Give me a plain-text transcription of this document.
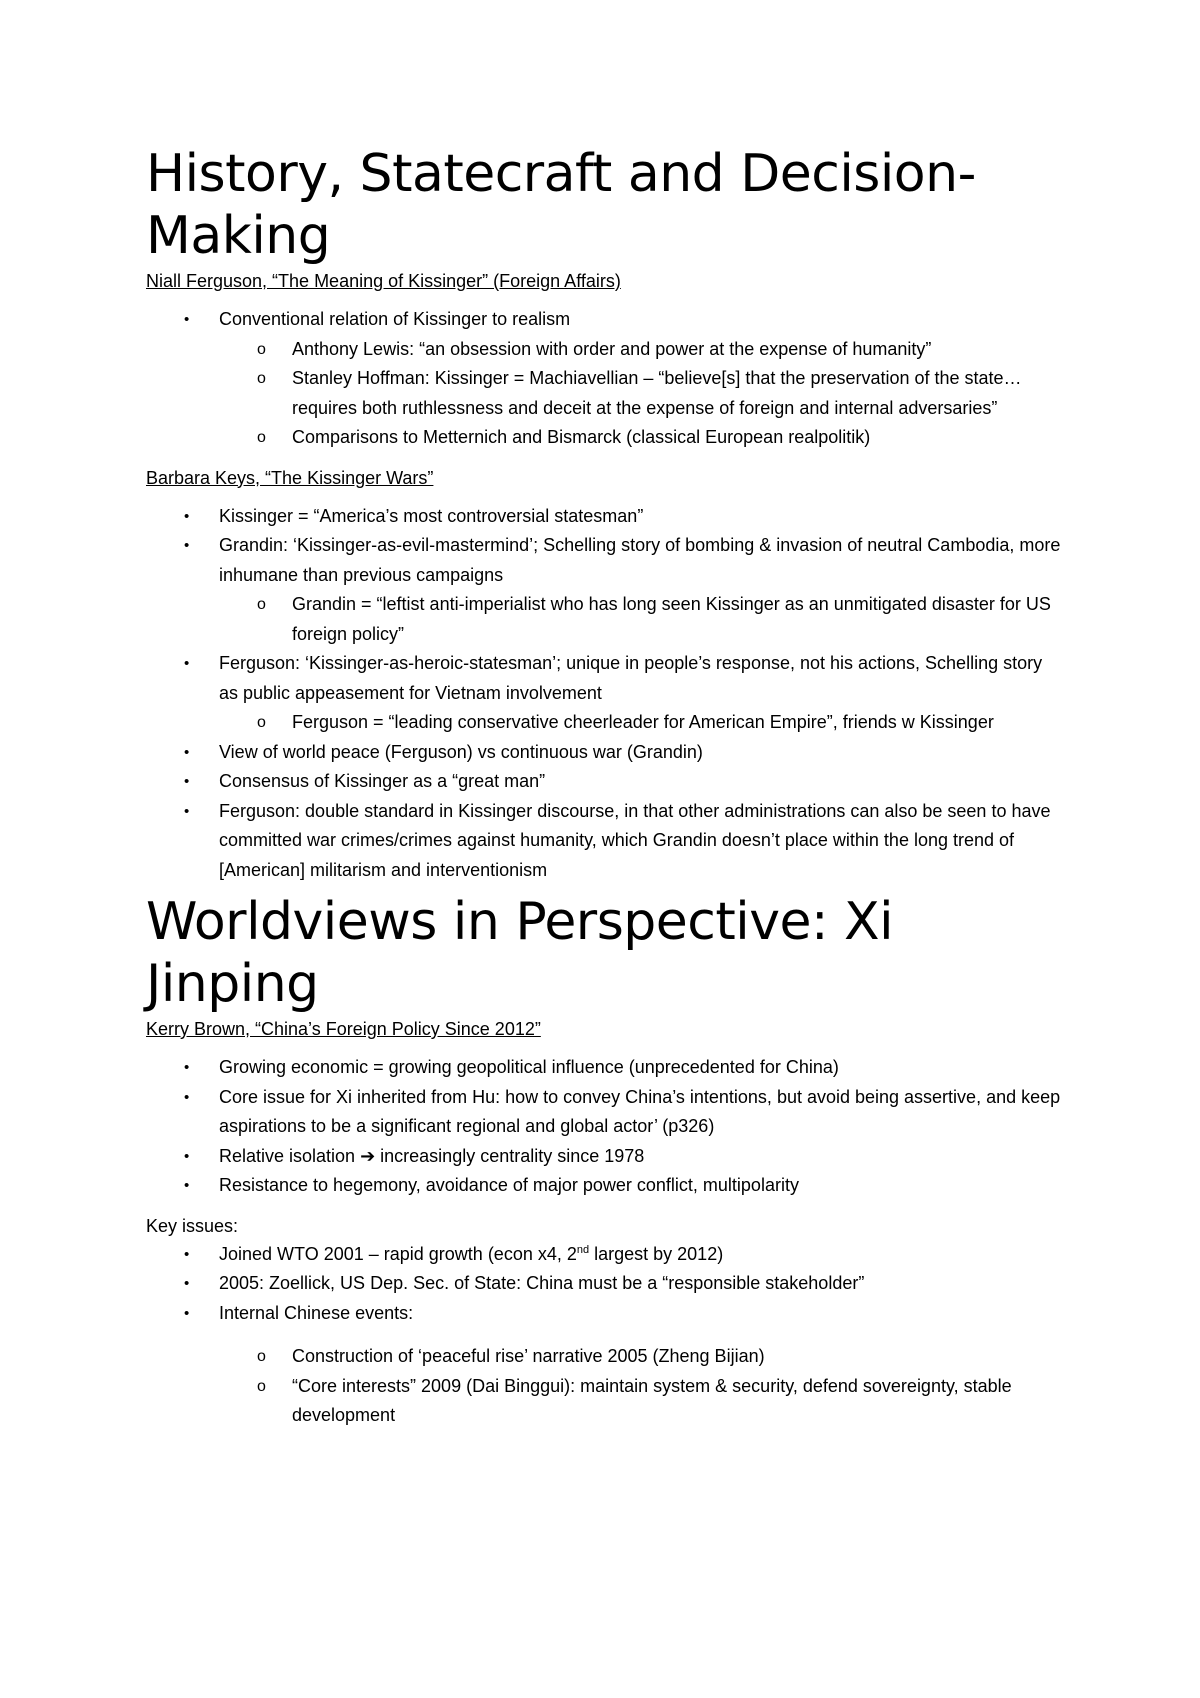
History, Statecraft and Decision-Making

Niall Ferguson, “The Meaning of Kissinger” (Foreign Affairs)

• Conventional relation of Kissinger to realism
o Anthony Lewis: “an obsession with order and power at the expense of humanity”
o Stanley Hoffman: Kissinger = Machiavellian – “believe[s] that the preservation of the state…requires both ruthlessness and deceit at the expense of foreign and internal adversaries”
o Comparisons to Metternich and Bismarck (classical European realpolitik)

Barbara Keys, “The Kissinger Wars”

• Kissinger = “America’s most controversial statesman”
• Grandin: ‘Kissinger-as-evil-mastermind’; Schelling story of bombing & invasion of neutral Cambodia, more inhumane than previous campaigns
o Grandin = “leftist anti-imperialist who has long seen Kissinger as an unmitigated disaster for US foreign policy”
• Ferguson: ‘Kissinger-as-heroic-statesman’; unique in people’s response, not his actions, Schelling story as public appeasement for Vietnam involvement
o Ferguson = “leading conservative cheerleader for American Empire”, friends w Kissinger
• View of world peace (Ferguson) vs continuous war (Grandin)
• Consensus of Kissinger as a “great man”
• Ferguson: double standard in Kissinger discourse, in that other administrations can also be seen to have committed war crimes/crimes against humanity, which Grandin doesn’t place within the long trend of [American] militarism and interventionism
Worldviews in Perspective: Xi Jinping

Kerry Brown, “China’s Foreign Policy Since 2012”

• Growing economic = growing geopolitical influence (unprecedented for China)
• Core issue for Xi inherited from Hu: how to convey China’s intentions, but avoid being assertive, and keep aspirations to be a significant regional and global actor’ (p326)
• Relative isolation ➔ increasingly centrality since 1978
• Resistance to hegemony, avoidance of major power conflict, multipolarity

Key issues:

• Joined WTO 2001 – rapid growth (econ x4, 2nd largest by 2012)
• 2005: Zoellick, US Dep. Sec. of State: China must be a “responsible stakeholder”
• Internal Chinese events:
o Construction of ‘peaceful rise’ narrative 2005 (Zheng Bijian)
o “Core interests” 2009 (Dai Binggui): maintain system & security, defend sovereignty, stable development
